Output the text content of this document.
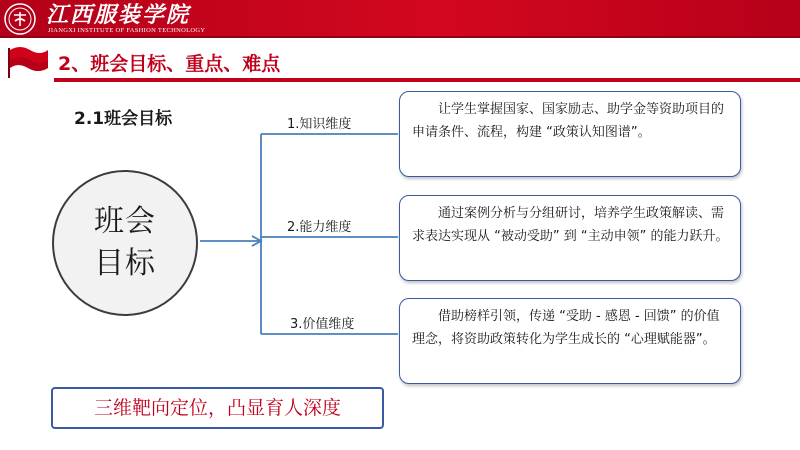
江西服装学院
JIANGXI INSTITUTE OF FASHION TECHNOLOGY
2、班会目标、重点、难点
2.1班会目标
班会
目标
1.知识维度
2.能力维度
3.价值维度
让学生掌握国家、国家励志、助学金等资助项目的申请条件、流程，构建 “政策认知图谱”。
通过案例分析与分组研讨，培养学生政策解读、需求表达实现从 “被动受助” 到 “主动申领” 的能力跃升。
借助榜样引领，传递 “受助 - 感恩 - 回馈” 的价值理念，将资助政策转化为学生成长的 “心理赋能器”。
三维靶向定位，凸显育人深度
